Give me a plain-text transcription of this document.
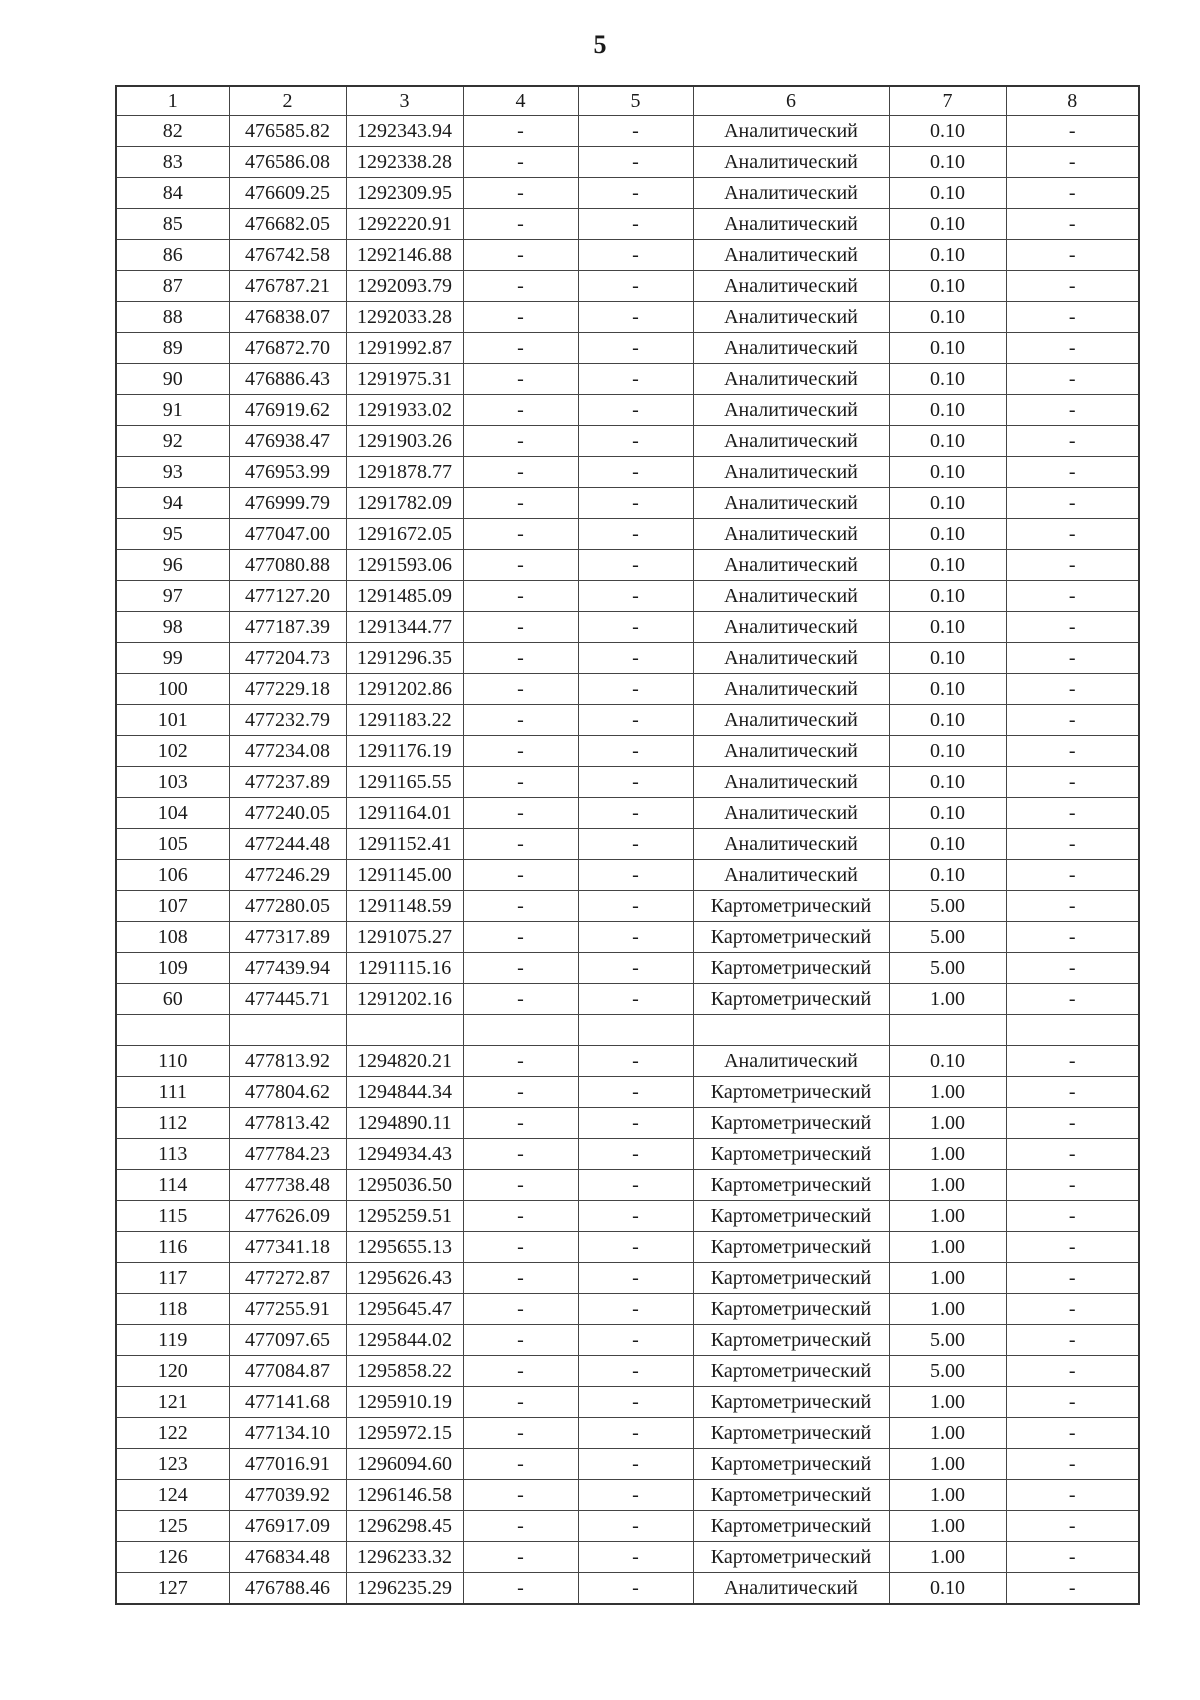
5
1	2	3	4	5	6	7	8
82	476585.82	1292343.94	-	-	Аналитический	0.10	-
83	476586.08	1292338.28	-	-	Аналитический	0.10	-
84	476609.25	1292309.95	-	-	Аналитический	0.10	-
85	476682.05	1292220.91	-	-	Аналитический	0.10	-
86	476742.58	1292146.88	-	-	Аналитический	0.10	-
87	476787.21	1292093.79	-	-	Аналитический	0.10	-
88	476838.07	1292033.28	-	-	Аналитический	0.10	-
89	476872.70	1291992.87	-	-	Аналитический	0.10	-
90	476886.43	1291975.31	-	-	Аналитический	0.10	-
91	476919.62	1291933.02	-	-	Аналитический	0.10	-
92	476938.47	1291903.26	-	-	Аналитический	0.10	-
93	476953.99	1291878.77	-	-	Аналитический	0.10	-
94	476999.79	1291782.09	-	-	Аналитический	0.10	-
95	477047.00	1291672.05	-	-	Аналитический	0.10	-
96	477080.88	1291593.06	-	-	Аналитический	0.10	-
97	477127.20	1291485.09	-	-	Аналитический	0.10	-
98	477187.39	1291344.77	-	-	Аналитический	0.10	-
99	477204.73	1291296.35	-	-	Аналитический	0.10	-
100	477229.18	1291202.86	-	-	Аналитический	0.10	-
101	477232.79	1291183.22	-	-	Аналитический	0.10	-
102	477234.08	1291176.19	-	-	Аналитический	0.10	-
103	477237.89	1291165.55	-	-	Аналитический	0.10	-
104	477240.05	1291164.01	-	-	Аналитический	0.10	-
105	477244.48	1291152.41	-	-	Аналитический	0.10	-
106	477246.29	1291145.00	-	-	Аналитический	0.10	-
107	477280.05	1291148.59	-	-	Картометрический	5.00	-
108	477317.89	1291075.27	-	-	Картометрический	5.00	-
109	477439.94	1291115.16	-	-	Картометрический	5.00	-
60	477445.71	1291202.16	-	-	Картометрический	1.00	-

110	477813.92	1294820.21	-	-	Аналитический	0.10	-
111	477804.62	1294844.34	-	-	Картометрический	1.00	-
112	477813.42	1294890.11	-	-	Картометрический	1.00	-
113	477784.23	1294934.43	-	-	Картометрический	1.00	-
114	477738.48	1295036.50	-	-	Картометрический	1.00	-
115	477626.09	1295259.51	-	-	Картометрический	1.00	-
116	477341.18	1295655.13	-	-	Картометрический	1.00	-
117	477272.87	1295626.43	-	-	Картометрический	1.00	-
118	477255.91	1295645.47	-	-	Картометрический	1.00	-
119	477097.65	1295844.02	-	-	Картометрический	5.00	-
120	477084.87	1295858.22	-	-	Картометрический	5.00	-
121	477141.68	1295910.19	-	-	Картометрический	1.00	-
122	477134.10	1295972.15	-	-	Картометрический	1.00	-
123	477016.91	1296094.60	-	-	Картометрический	1.00	-
124	477039.92	1296146.58	-	-	Картометрический	1.00	-
125	476917.09	1296298.45	-	-	Картометрический	1.00	-
126	476834.48	1296233.32	-	-	Картометрический	1.00	-
127	476788.46	1296235.29	-	-	Аналитический	0.10	-
